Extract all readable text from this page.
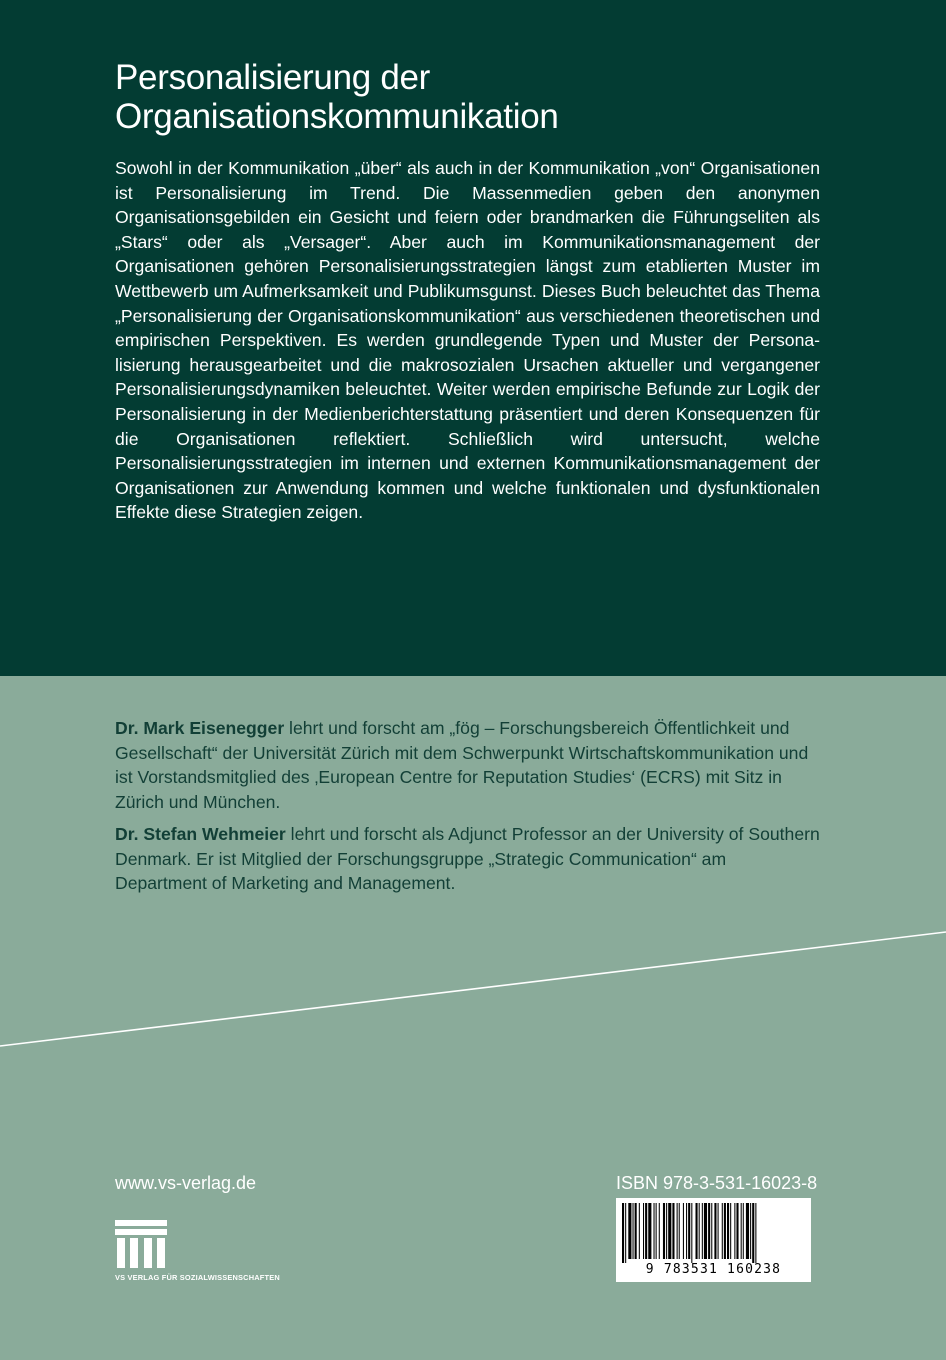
Personalisierung der
Organisationskommunikation

Sowohl in der Kommunikation „über“ als auch in der Kommunikation „von“ Organisationen ist Personalisierung im Trend. Die Massenmedien geben den anonymen Organisationsgebilden ein Gesicht und feiern oder brandmarken die Führungseliten als „Stars“ oder als „Versager“. Aber auch im Kommunikationsmanagement der Organisationen gehören Personalisierungsstrategien längst zum etablierten Muster im Wettbewerb um Aufmerksamkeit und Publikumsgunst. Dieses Buch beleuchtet das Thema „Personalisierung der Organisationskommunikation“ aus verschiedenen theoretischen und empirischen Perspektiven. Es werden grundlegende Typen und Muster der Personalisierung herausgearbeitet und die makrosozialen Ursachen aktueller und vergangener Personalisierungsdynamiken beleuchtet. Weiter werden empirische Befunde zur Logik der Personalisierung in der Medienberichterstattung präsentiert und deren Konsequenzen für die Organisationen reflektiert. Schließlich wird untersucht, welche Personalisierungsstrategien im internen und externen Kommunikationsmanagement der Organisationen zur Anwendung kommen und welche funktionalen und dysfunktionalen Effekte diese Strategien zeigen.

Dr. Mark Eisenegger lehrt und forscht am „fög – Forschungsbereich Öffentlichkeit und Gesellschaft“ der Universität Zürich mit dem Schwerpunkt Wirtschaftskommunikation und ist Vorstandsmitglied des ‚European Centre for Reputation Studies‘ (ECRS) mit Sitz in Zürich und München.

Dr. Stefan Wehmeier lehrt und forscht als Adjunct Professor an der University of Southern Denmark. Er ist Mitglied der Forschungsgruppe „Strategic Communication“ am Department of Marketing and Management.

www.vs-verlag.de	ISBN 978-3-531-16023-8
VS VERLAG FÜR SOZIALWISSENSCHAFTEN
9 783531 160238
